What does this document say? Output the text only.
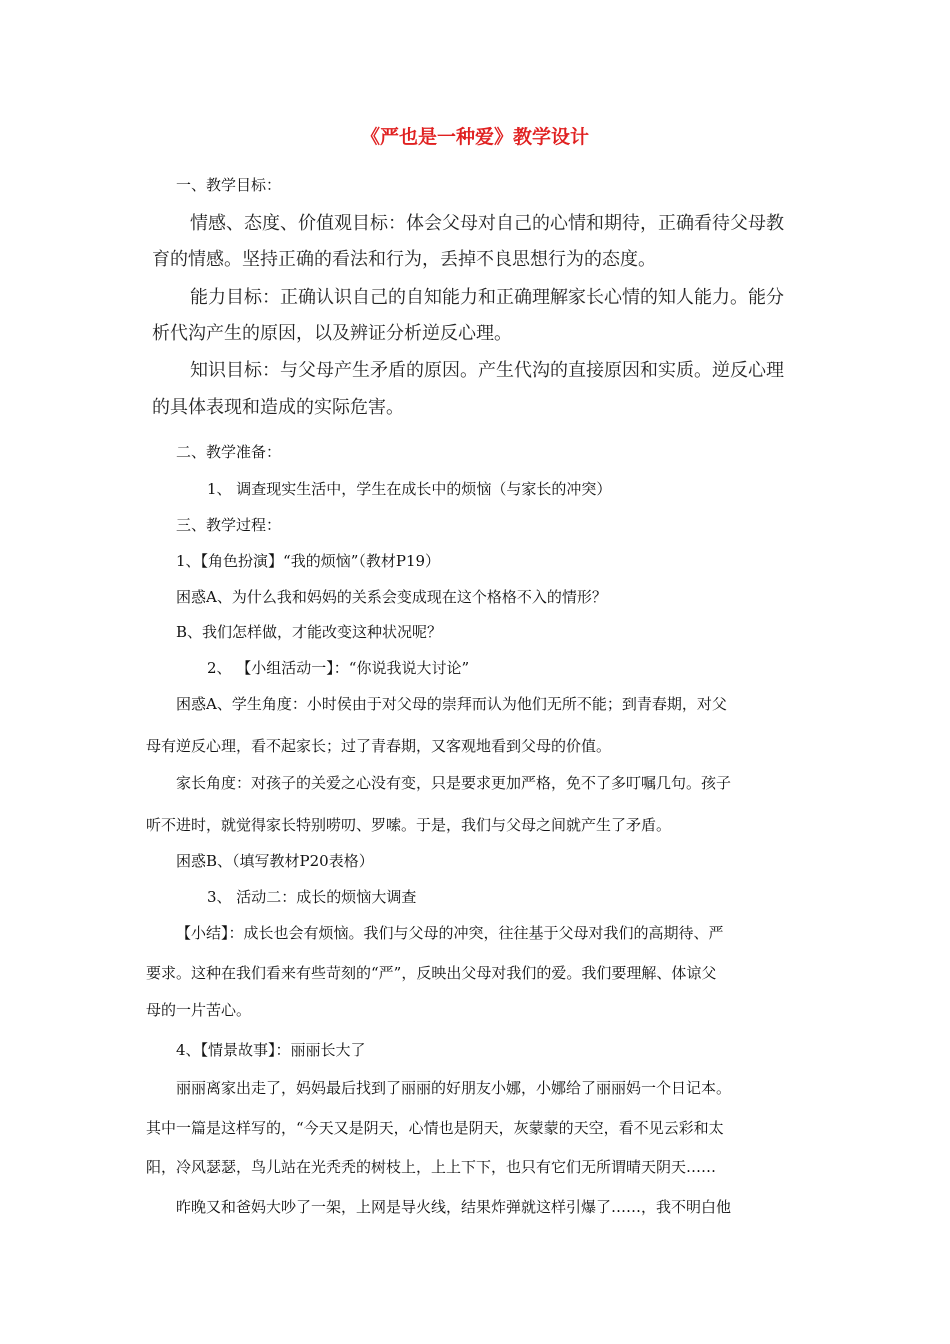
《严也是一种爱》教学设计
一、教学目标：
情感、态度、价值观目标：体会父母对自己的心情和期待，正确看待父母教
育的情感。坚持正确的看法和行为，丢掉不良思想行为的态度。
能力目标：正确认识自己的自知能力和正确理解家长心情的知人能力。能分
析代沟产生的原因，以及辨证分析逆反心理。
知识目标：与父母产生矛盾的原因。产生代沟的直接原因和实质。逆反心理
的具体表现和造成的实际危害。
二、教学准备：
1、 调查现实生活中，学生在成长中的烦恼（与家长的冲突）
三、教学过程：
1、【角色扮演】“我的烦恼”（教材P19）
困惑A、为什么我和妈妈的关系会变成现在这个格格不入的情形？
B、我们怎样做，才能改变这种状况呢？
2、 【小组活动一】：“你说我说大讨论”
困惑A、学生角度：小时侯由于对父母的崇拜而认为他们无所不能；到青春期，对父
母有逆反心理，看不起家长；过了青春期，又客观地看到父母的价值。
家长角度：对孩子的关爱之心没有变，只是要求更加严格，免不了多叮嘱几句。孩子
听不进时，就觉得家长特别唠叨、罗嗦。于是，我们与父母之间就产生了矛盾。
困惑B、（填写教材P20表格）
3、 活动二：成长的烦恼大调查
【小结】：成长也会有烦恼。我们与父母的冲突，往往基于父母对我们的高期待、严
要求。这种在我们看来有些苛刻的“严”，反映出父母对我们的爱。我们要理解、体谅父
母的一片苦心。
4、【情景故事】：丽丽长大了
丽丽离家出走了，妈妈最后找到了丽丽的好朋友小娜，小娜给了丽丽妈一个日记本。
其中一篇是这样写的，“今天又是阴天，心情也是阴天，灰蒙蒙的天空，看不见云彩和太
阳，冷风瑟瑟，鸟儿站在光秃秃的树枝上，上上下下，也只有它们无所谓晴天阴天……
昨晚又和爸妈大吵了一架，上网是导火线，结果炸弹就这样引爆了……，我不明白他
